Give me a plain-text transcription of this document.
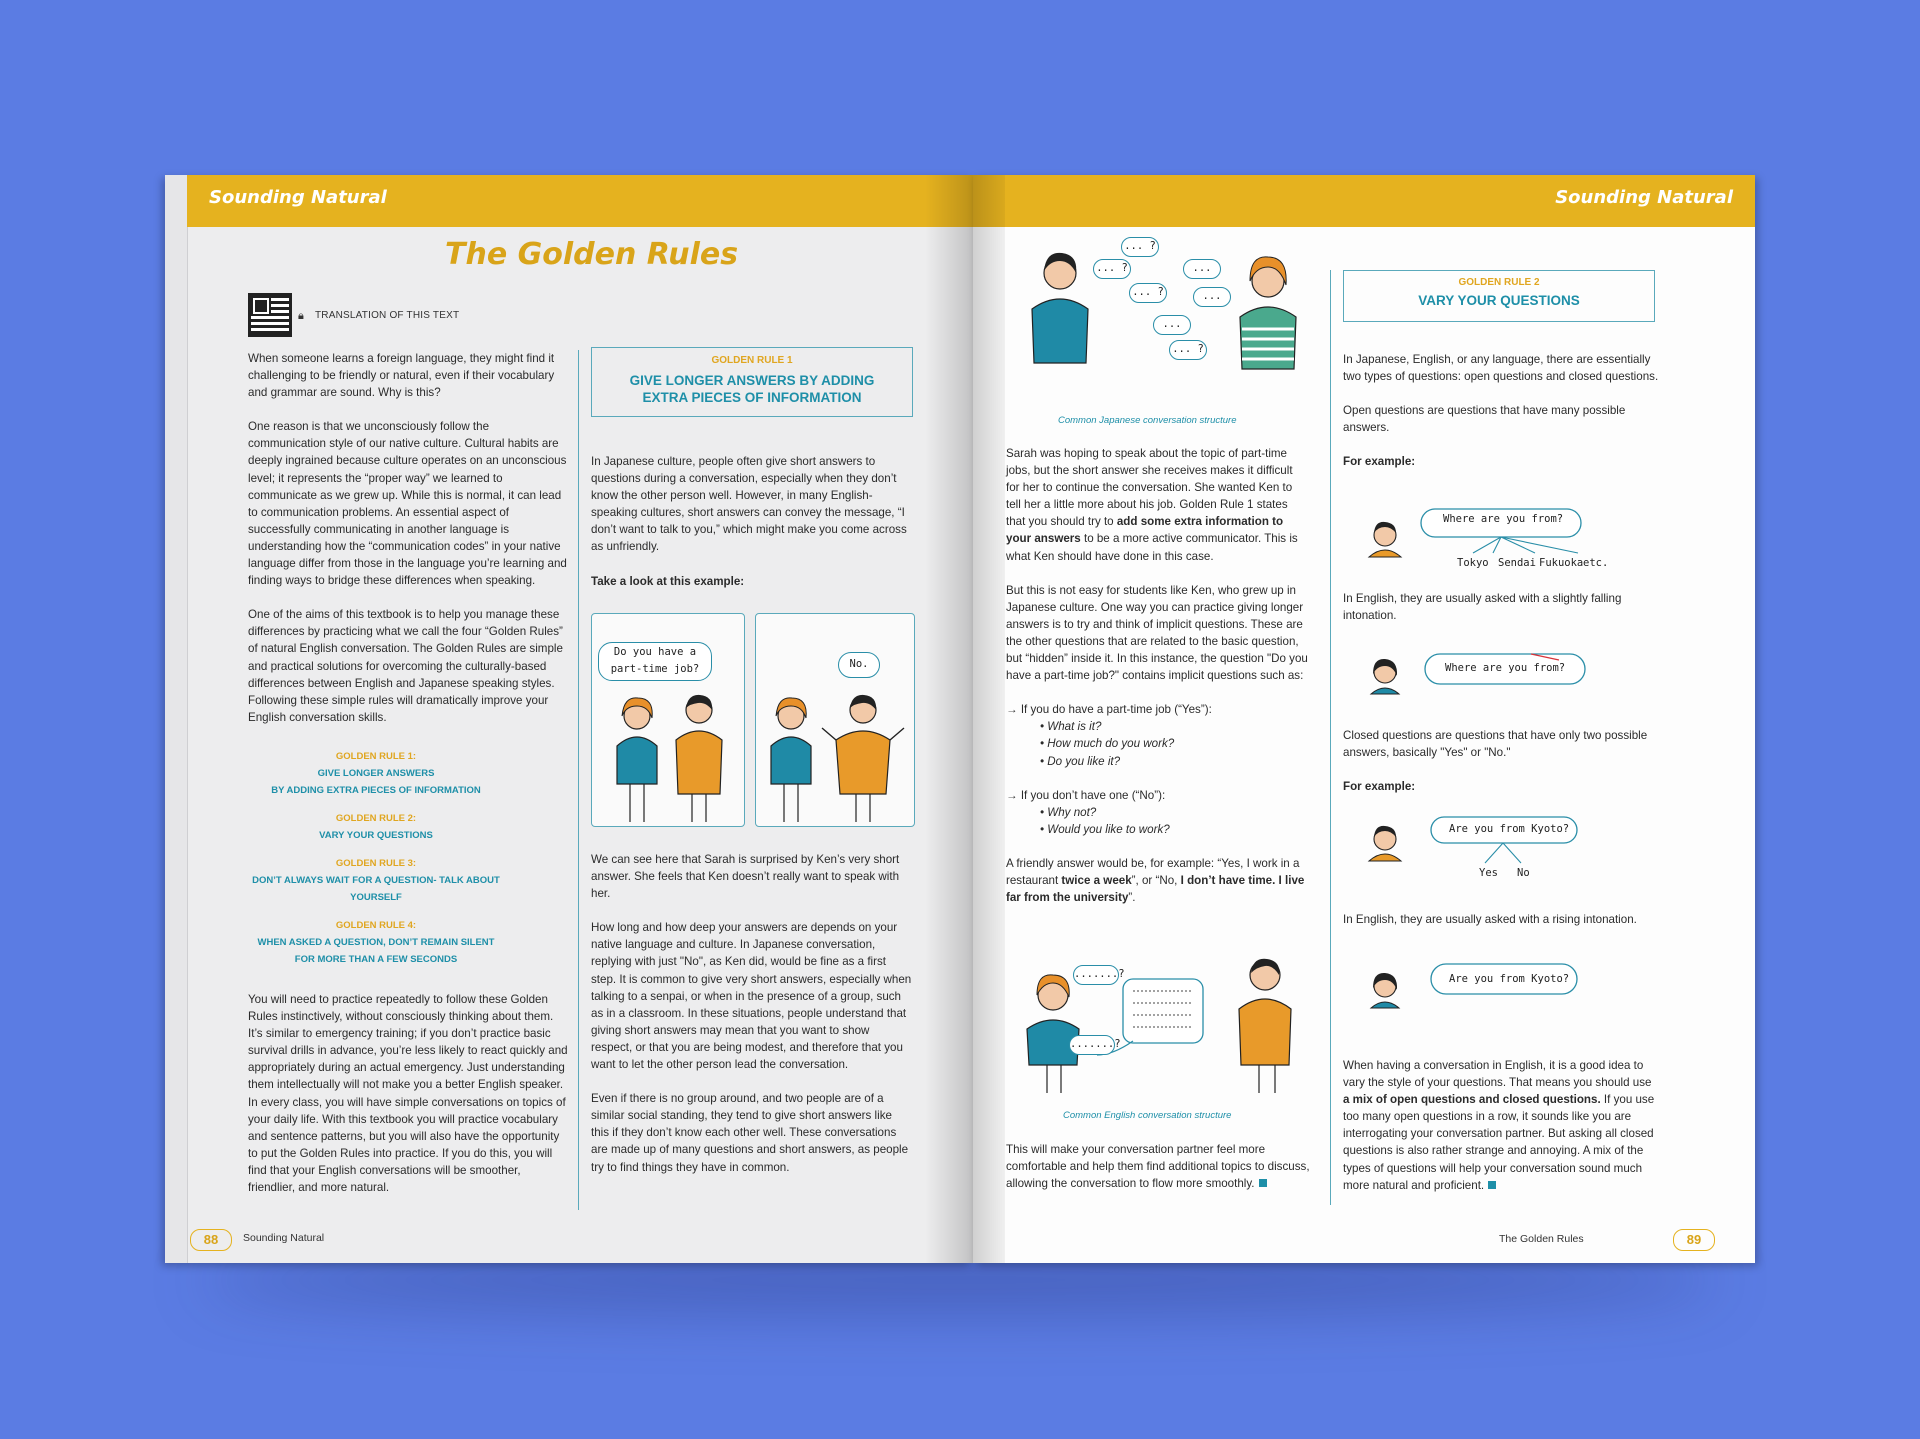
Sounding Natural
The Golden Rules
🔒︎ TRANSLATION OF THIS TEXT

When someone learns a foreign language, they might find it challenging to be friendly or natural, even if their vocabulary and grammar are sound. Why is this?

One reason is that we unconsciously follow the communication style of our native culture. Cultural habits are deeply ingrained because culture operates on an unconscious level; it represents the “proper way” we learned to communicate as we grew up. While this is normal, it can lead to communication problems. An essential aspect of successfully communicating in another language is understanding how the “communication codes” in your native language differ from those in the language you’re learning and finding ways to bridge these differences when speaking.

One of the aims of this textbook is to help you manage these differences by practicing what we call the four “Golden Rules” of natural English conversation. The Golden Rules are simple and practical solutions for overcoming the culturally-based differences between English and Japanese speaking styles. Following these simple rules will dramatically improve your English conversation skills.

GOLDEN RULE 1:
GIVE LONGER ANSWERS
BY ADDING EXTRA PIECES OF INFORMATION
GOLDEN RULE 2:
VARY YOUR QUESTIONS
GOLDEN RULE 3:
DON’T ALWAYS WAIT FOR A QUESTION- TALK ABOUT YOURSELF
GOLDEN RULE 4:
WHEN ASKED A QUESTION, DON’T REMAIN SILENT
FOR MORE THAN A FEW SECONDS

You will need to practice repeatedly to follow these Golden Rules instinctively, without consciously thinking about them. It’s similar to emergency training; if you don’t practice basic survival drills in advance, you’re less likely to react quickly and appropriately during an actual emergency. Just understanding them intellectually will not make you a better English speaker. In every class, you will have simple conversations on topics of your daily life. With this textbook you will practice vocabulary and sentence patterns, but you will also have the opportunity to put the Golden Rules into practice. If you do this, you will find that your English conversations will be smoother, friendlier, and more natural.

GOLDEN RULE 1
GIVE LONGER ANSWERS BY ADDING
EXTRA PIECES OF INFORMATION

In Japanese culture, people often give short answers to questions during a conversation, especially when they don’t know the other person well. However, in many English-speaking cultures, short answers can convey the message, “I don’t want to talk to you,” which might make you come across as unfriendly.

Take a look at this example:

Do you have a part-time job?	No.

We can see here that Sarah is surprised by Ken’s very short answer. She feels that Ken doesn’t really want to speak with her.

How long and how deep your answers are depends on your native language and culture. In Japanese conversation, replying with just "No", as Ken did, would be fine as a first step. It is common to give very short answers, especially when talking to a senpai, or when in the presence of a group, such as in a classroom. In these situations, people understand that giving short answers may mean that you want to show respect, or that you are being modest, and therefore that you want to let the other person lead the conversation.

Even if there is no group around, and two people are of a similar social standing, they tend to give short answers like this if they don’t know each other well. These conversations are made up of many questions and short answers, as people try to find things they have in common.

88	Sounding Natural
Sounding Natural
... ?
... ?
... ?
...
...
...
... ?
Common Japanese conversation structure

Sarah was hoping to speak about the topic of part-time jobs, but the short answer she receives makes it difficult for her to continue the conversation. She wanted Ken to tell her a little more about his job. Golden Rule 1 states that you should try to add some extra information to your answers to be a more active communicator. This is what Ken should have done in this case.

But this is not easy for students like Ken, who grew up in Japanese culture. One way you can practice giving longer answers is to try and think of implicit questions. These are the other questions that are related to the basic question, but “hidden” inside it. In this instance, the question "Do you have a part-time job?" contains implicit questions such as:

→ If you do have a part-time job (“Yes”):
• What is it?
• How much do you work?
• Do you like it?
→ If you don’t have one (“No”):
• Why not?
• Would you like to work?

A friendly answer would be, for example: “Yes, I work in a restaurant twice a week”, or “No, I don’t have time. I live far from the university”.

.......?
.......?
Common English conversation structure

This will make your conversation partner feel more comfortable and help them find additional topics to discuss, allowing the conversation to flow more smoothly.

GOLDEN RULE 2
VARY YOUR QUESTIONS

In Japanese, English, or any language, there are essentially two types of questions: open questions and closed questions.

Open questions are questions that have many possible answers.

For example:

Where are you from?
Tokyo Sendai Fukuoka etc.
In English, they are usually asked with a slightly falling intonation.
Where are you from?

Closed questions are questions that have only two possible answers, basically "Yes" or "No."

For example:

Are you from Kyoto?
Yes No
In English, they are usually asked with a rising intonation.
Are you from Kyoto?

When having a conversation in English, it is a good idea to vary the style of your questions. That means you should use a mix of open questions and closed questions. If you use too many open questions in a row, it sounds like you are interrogating your conversation partner. But asking all closed questions is also rather strange and annoying. A mix of the types of questions will help your conversation sound much more natural and proficient.

The Golden Rules	89
